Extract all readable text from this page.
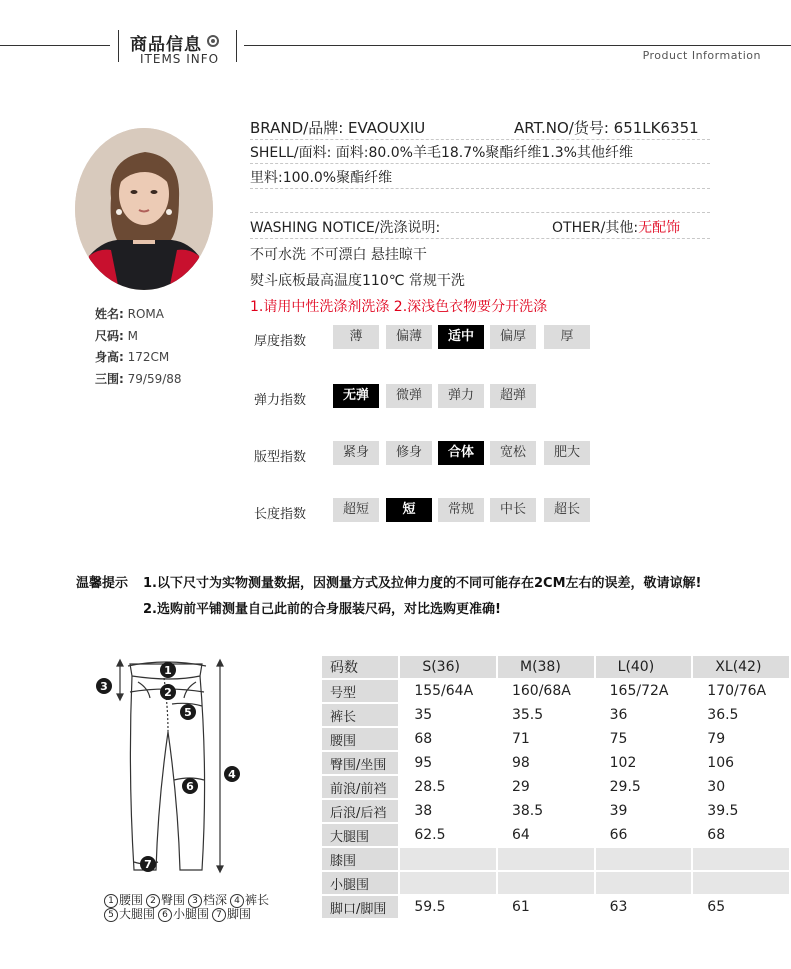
商品信息
ITEMS INFO	Product Information
姓名: ROMA
尺码: M
身高: 172CM
三围: 79/59/88
BRAND/品牌: EVAOUXIU	ART.NO/货号: 651LK6351
SHELL/面料: 面料:80.0%羊毛18.7%聚酯纤维1.3%其他纤维
里料:100.0%聚酯纤维
WASHING NOTICE/洗涤说明:	OTHER/其他:无配饰
不可水洗 不可漂白 悬挂晾干
熨斗底板最高温度110℃ 常规干洗
1.请用中性洗涤剂洗涤 2.深浅色衣物要分开洗涤
厚度指数	薄	偏薄	适中	偏厚	厚
弹力指数	无弹	微弹	弹力	超弹
版型指数	紧身	修身	合体	宽松	肥大
长度指数	超短	短	常规	中长	超长
温馨提示 1.以下尺寸为实物测量数据，因测量方式及拉伸力度的不同可能存在2CM左右的误差，敬请谅解!
2.选购前平铺测量自己此前的合身服装尺码，对比选购更准确!
1
2
3
4
5
6
7
1 腰围 2 臀围 3 档深 4 裤长
5 大腿围 6 小腿围 7 脚围
码数	S(36)	M(38)	L(40)	XL(42)
号型	155/64A	160/68A	165/72A	170/76A
裤长	35	35.5	36	36.5
腰围	68	71	75	79
臀围/坐围	95	98	102	106
前浪/前裆	28.5	29	29.5	30
后浪/后裆	38	38.5	39	39.5
大腿围	62.5	64	66	68
膝围				
小腿围				
脚口/脚围	59.5	61	63	65
